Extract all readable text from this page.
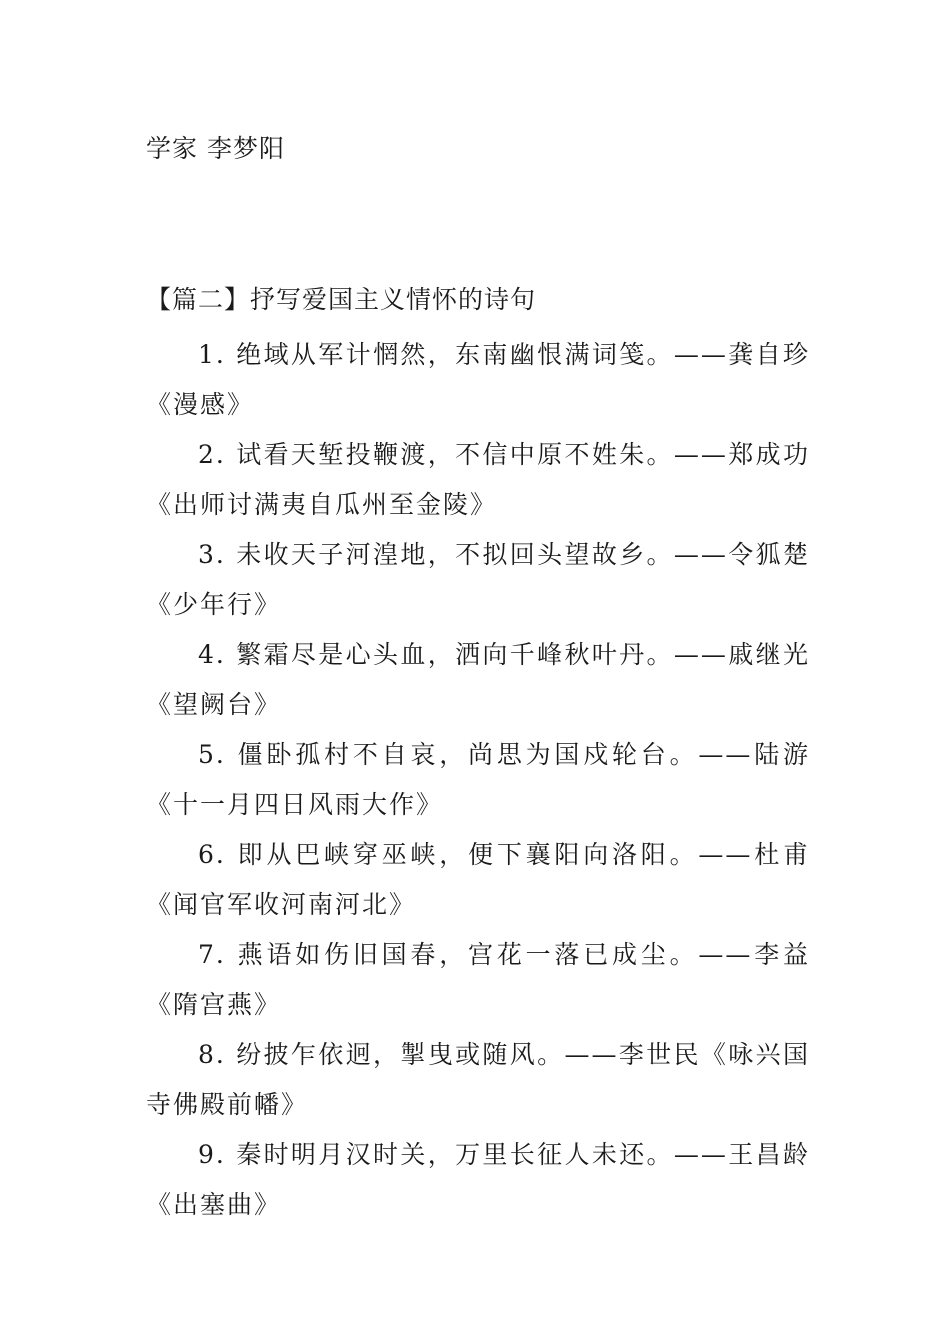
学家 李梦阳
【篇二】抒写爱国主义情怀的诗句
1. 绝域从军计惘然，东南幽恨满词笺。——龚自珍《漫感》
2. 试看天堑投鞭渡，不信中原不姓朱。——郑成功《出师讨满夷自瓜州至金陵》
3. 未收天子河湟地，不拟回头望故乡。——令狐楚《少年行》
4. 繁霜尽是心头血，洒向千峰秋叶丹。——戚继光《望阙台》
5. 僵卧孤村不自哀，尚思为国戍轮台。——陆游《十一月四日风雨大作》
6. 即从巴峡穿巫峡，便下襄阳向洛阳。——杜甫《闻官军收河南河北》
7. 燕语如伤旧国春，宫花一落已成尘。——李益《隋宫燕》
8. 纷披乍依迥，掣曳或随风。——李世民《咏兴国寺佛殿前幡》
9. 秦时明月汉时关，万里长征人未还。——王昌龄《出塞曲》
